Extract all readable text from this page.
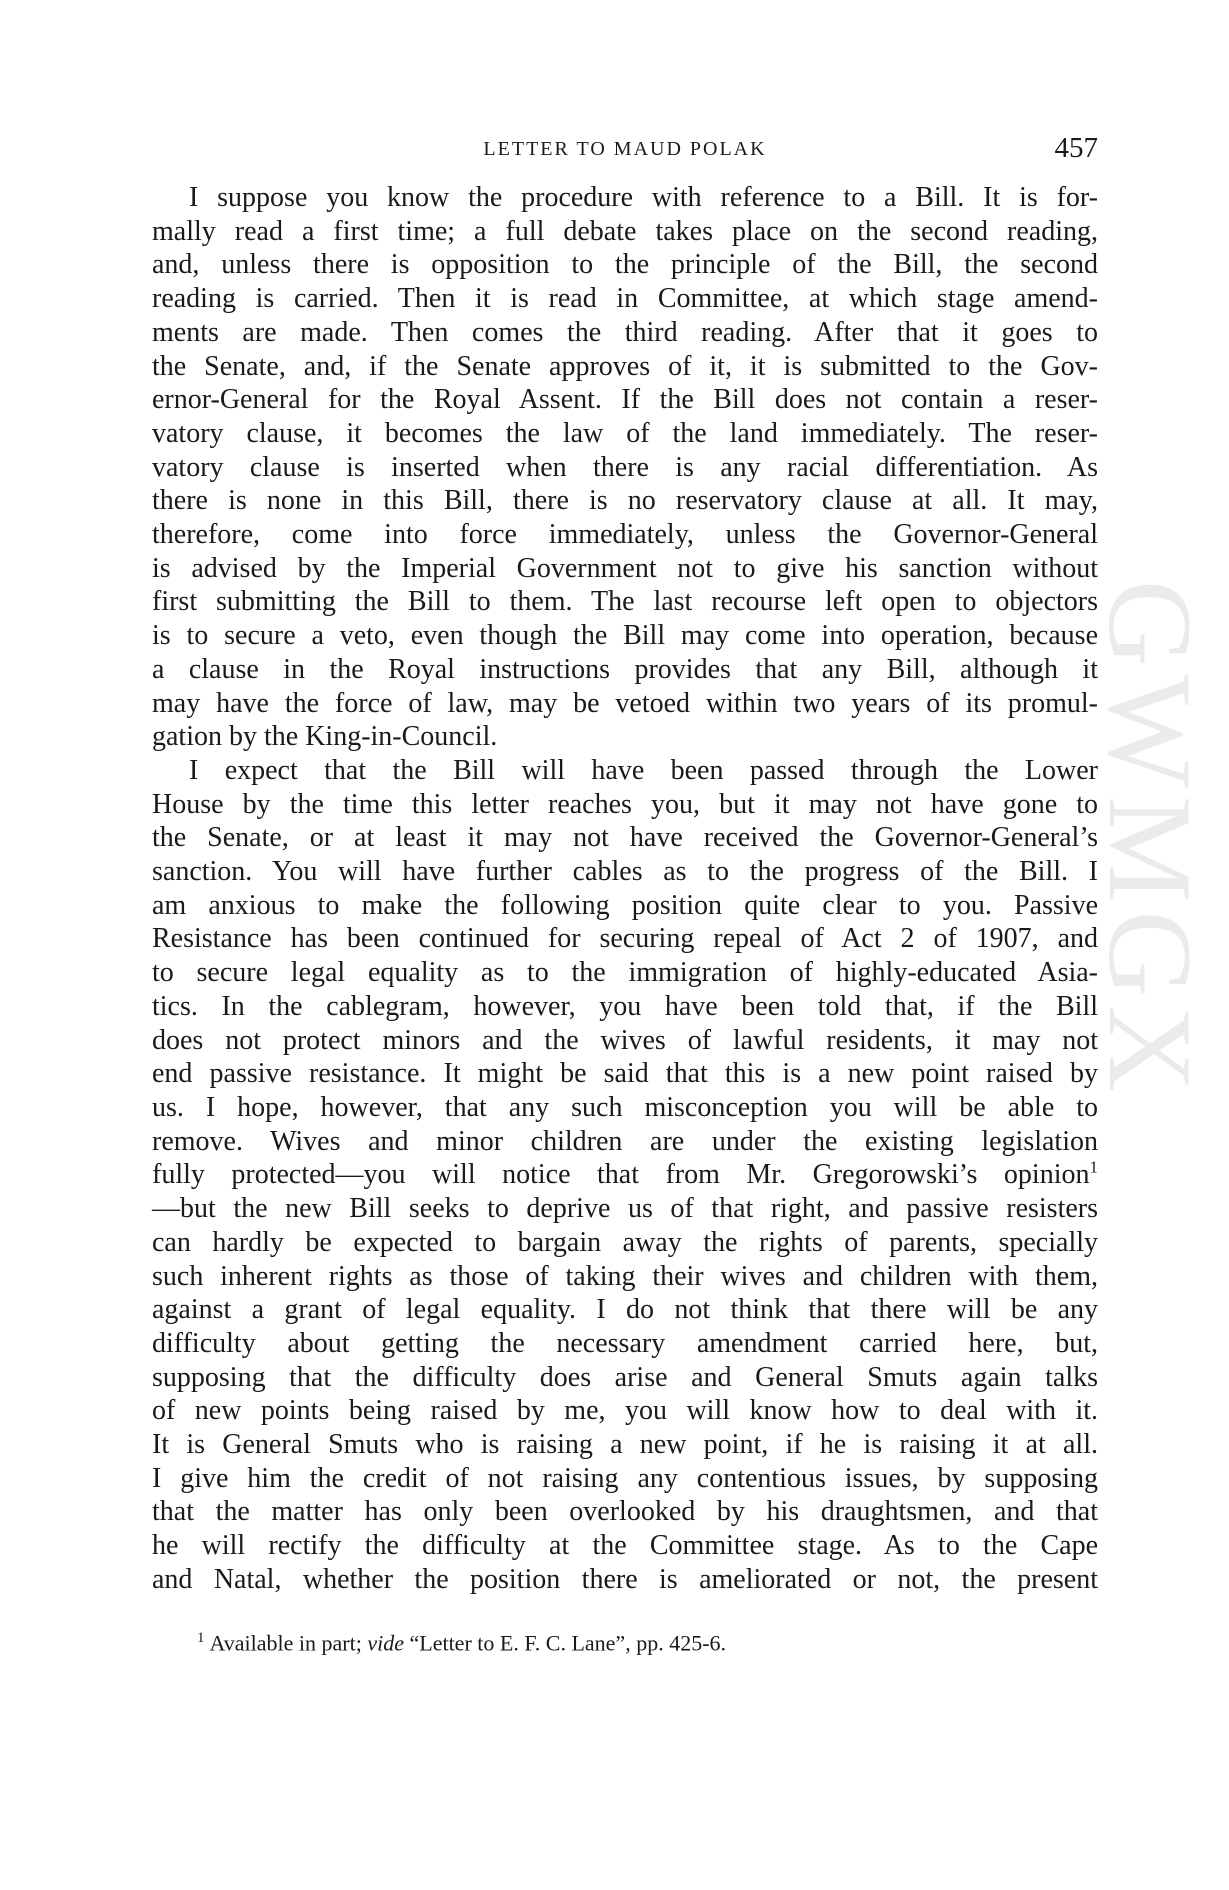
LETTER TO MAUD POLAK	457
I suppose you know the procedure with reference to a Bill. It is for-
mally read a first time; a full debate takes place on the second reading,
and, unless there is opposition to the principle of the Bill, the second
reading is carried. Then it is read in Committee, at which stage amend-
ments are made. Then comes the third reading. After that it goes to
the Senate, and, if the Senate approves of it, it is submitted to the Gov-
ernor-General for the Royal Assent. If the Bill does not contain a reser-
vatory clause, it becomes the law of the land immediately. The reser-
vatory clause is inserted when there is any racial differentiation. As
there is none in this Bill, there is no reservatory clause at all. It may,
therefore, come into force immediately, unless the Governor-General
is advised by the Imperial Government not to give his sanction without
first submitting the Bill to them. The last recourse left open to objectors
is to secure a veto, even though the Bill may come into operation, because
a clause in the Royal instructions provides that any Bill, although it
may have the force of law, may be vetoed within two years of its promul-
gation by the King-in-Council.
I expect that the Bill will have been passed through the Lower
House by the time this letter reaches you, but it may not have gone to
the Senate, or at least it may not have received the Governor-General’s
sanction. You will have further cables as to the progress of the Bill. I
am anxious to make the following position quite clear to you. Passive
Resistance has been continued for securing repeal of Act 2 of 1907, and
to secure legal equality as to the immigration of highly-educated Asia-
tics. In the cablegram, however, you have been told that, if the Bill
does not protect minors and the wives of lawful residents, it may not
end passive resistance. It might be said that this is a new point raised by
us. I hope, however, that any such misconception you will be able to
remove. Wives and minor children are under the existing legislation
fully protected—you will notice that from Mr. Gregorowski’s opinion$^1$
—but the new Bill seeks to deprive us of that right, and passive resisters
can hardly be expected to bargain away the rights of parents, specially
such inherent rights as those of taking their wives and children with them,
against a grant of legal equality. I do not think that there will be any
difficulty about getting the necessary amendment carried here, but,
supposing that the difficulty does arise and General Smuts again talks
of new points being raised by me, you will know how to deal with it.
It is General Smuts who is raising a new point, if he is raising it at all.
I give him the credit of not raising any contentious issues, by supposing
that the matter has only been overlooked by his draughtsmen, and that
he will rectify the difficulty at the Committee stage. As to the Cape
and Natal, whether the position there is ameliorated or not, the present
$^1$ Available in part; vide “Letter to E. F. C. Lane”, pp. 425-6.
GWMGX
